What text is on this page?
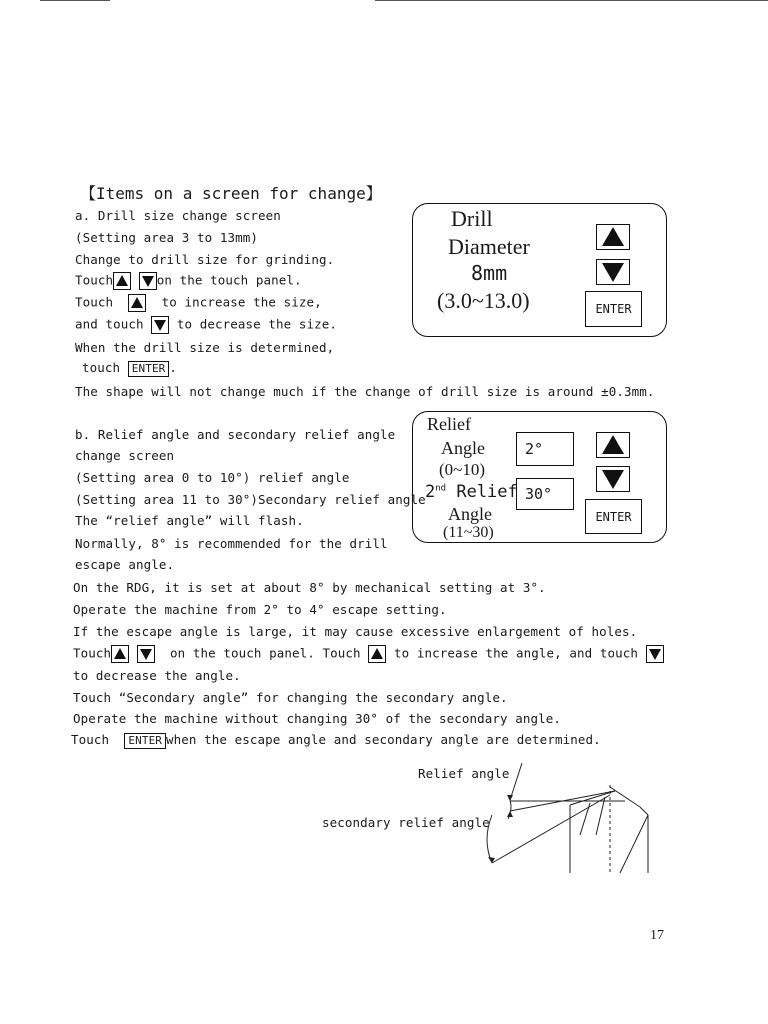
【Items on a screen for change】
a. Drill size change screen
(Setting area 3 to 13mm)
Change to drill size for grinding.
Touch	on the touch panel.
Touch	to increase the size,
and touch	to decrease the size.
When the drill size is determined,
touch ENTER .
The shape will not change much if the change of drill size is around ±0.3mm.
Drill
Diameter
8mm
(3.0~13.0)	ENTER
b. Relief angle and secondary relief angle
change screen
(Setting area 0 to 10°) relief angle
(Setting area 11 to 30°)Secondary relief angle
The “relief angle” will flash.
Normally, 8° is recommended for the drill
escape angle.
On the RDG, it is set at about 8° by mechanical setting at 3°.
Operate the machine from 2° to 4° escape setting.
If the escape angle is large, it may cause excessive enlargement of holes.
Touch	on the touch panel. Touch	to increase the angle, and touch
to decrease the angle.
Touch “Secondary angle” for changing the secondary angle.
Operate the machine without changing 30° of the secondary angle.
Touch ENTER when the escape angle and secondary angle are determined.
Relief
Angle
(0~10)
2nd Relief
Angle
(11~30)
2°
30°
ENTER
Relief angle
secondary relief angle
17
